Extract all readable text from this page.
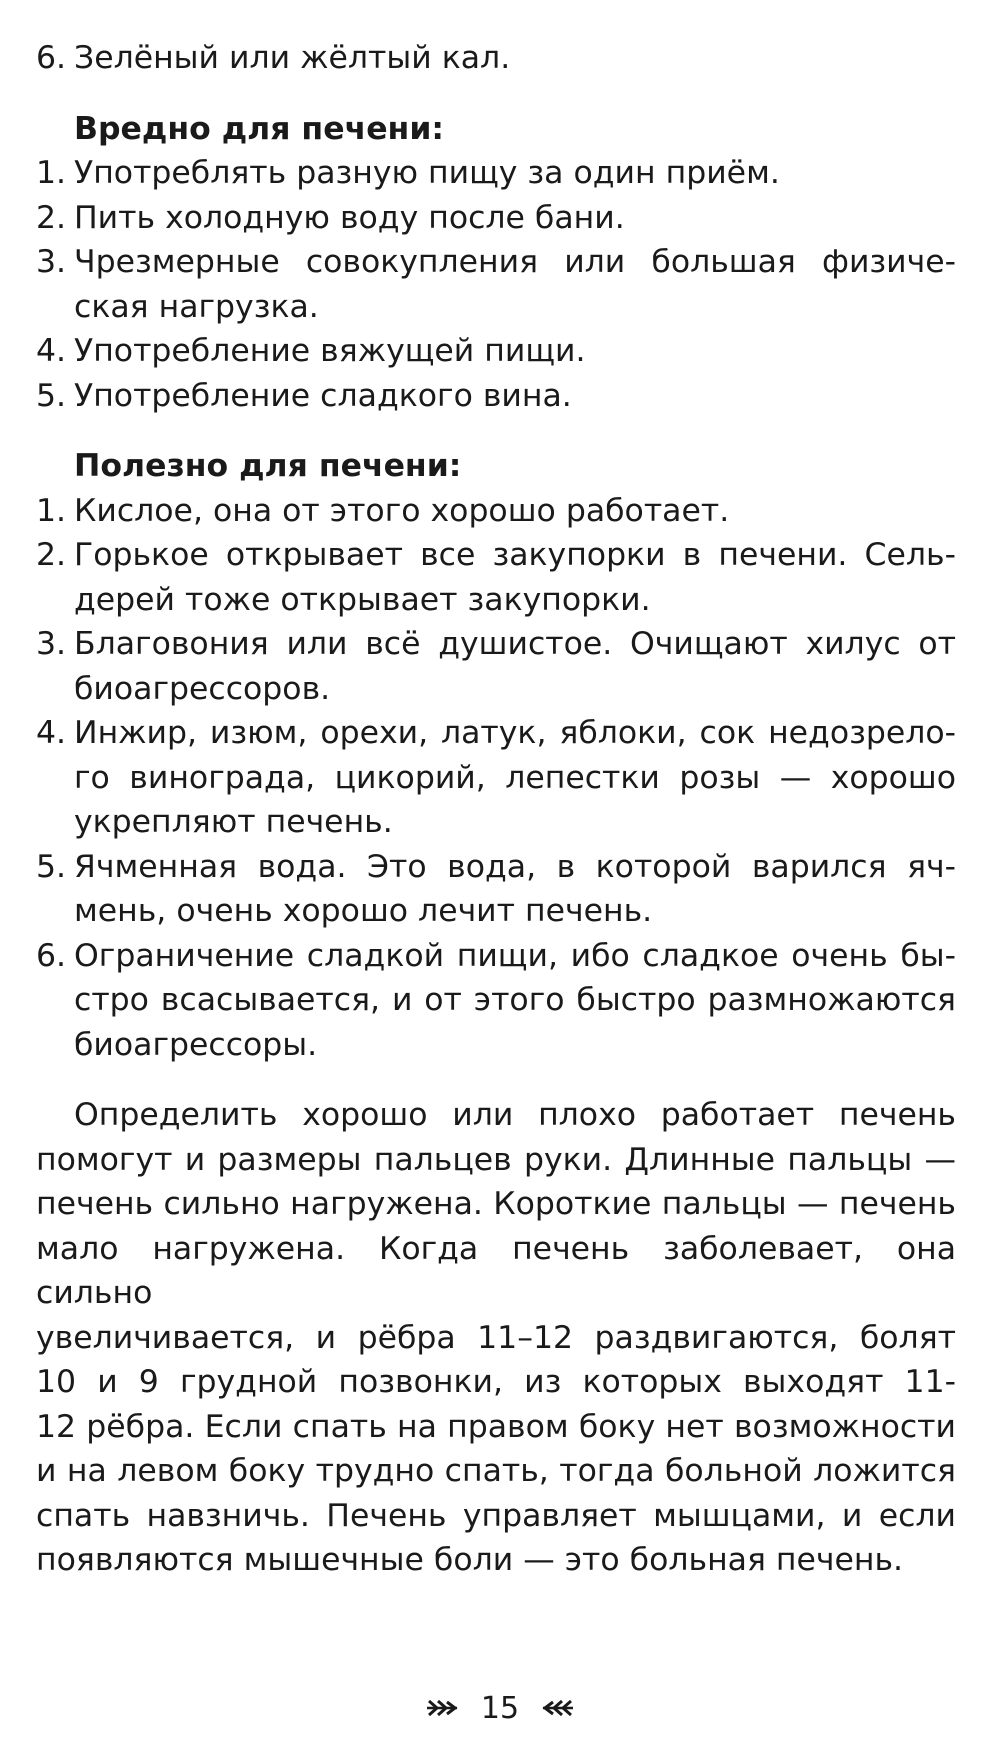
6. Зелёный или жёлтый кал.
Вредно для печени:
1. Употреблять разную пищу за один приём.
2. Пить холодную воду после бани.
3. Чрезмерные совокупления или большая физиче-
ская нагрузка.
4. Употребление вяжущей пищи.
5. Употребление сладкого вина.
Полезно для печени:
1. Кислое, она от этого хорошо работает.
2. Горькое открывает все закупорки в печени. Сель-
дерей тоже открывает закупорки.
3. Благовония или всё душистое. Очищают хилус от
биоагрессоров.
4. Инжир, изюм, орехи, латук, яблоки, сок недозрело-
го винограда, цикорий, лепестки розы — хорошо
укрепляют печень.
5. Ячменная вода. Это вода, в которой варился яч-
мень, очень хорошо лечит печень.
6. Ограничение сладкой пищи, ибо сладкое очень бы-
стро всасывается, и от этого быстро размножаются
биоагрессоры.
Определить хорошо или плохо работает печень
помогут и размеры пальцев руки. Длинные пальцы —
печень сильно нагружена. Короткие пальцы — печень
мало нагружена. Когда печень заболевает, она сильно
увеличивается, и рёбра 11–12 раздвигаются, болят
10 и 9 грудной позвонки, из которых выходят 11-
12 рёбра. Если спать на правом боку нет возможности
и на левом боку трудно спать, тогда больной ложится
спать навзничь. Печень управляет мышцами, и если
появляются мышечные боли — это больная печень.
15
